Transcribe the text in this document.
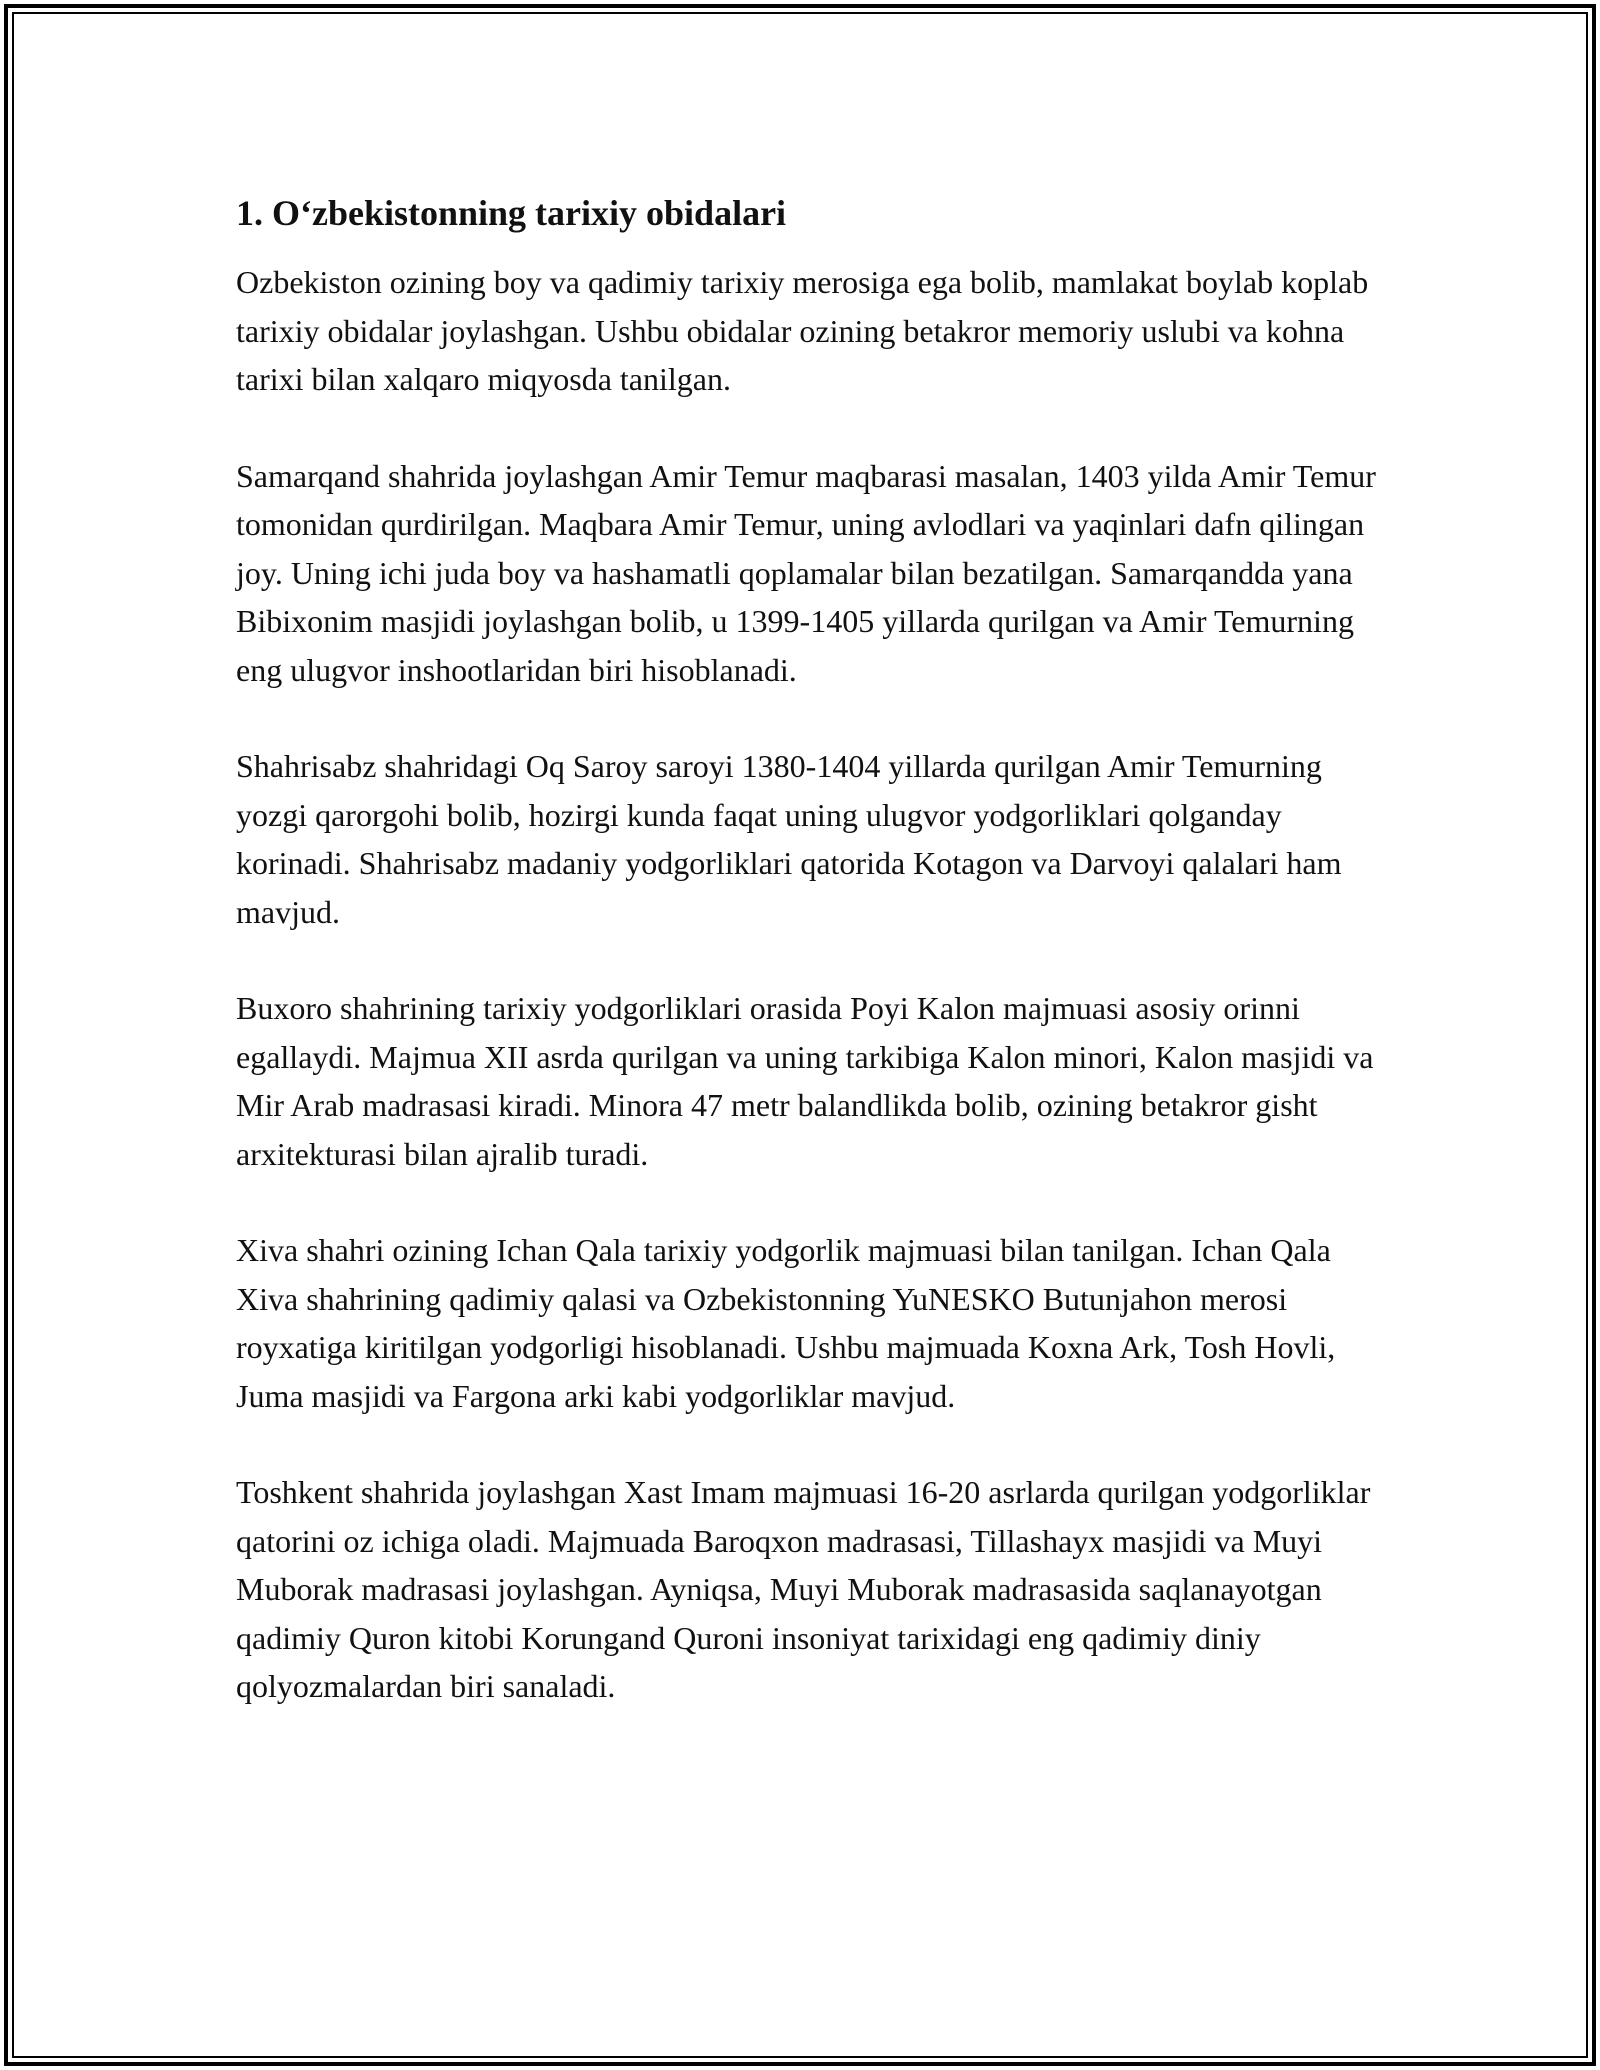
1. O‘zbekistonning tarixiy obidalari

Ozbekiston ozining boy va qadimiy tarixiy merosiga ega bolib, mamlakat boylab koplab tarixiy obidalar joylashgan. Ushbu obidalar ozining betakror memoriy uslubi va kohna tarixi bilan xalqaro miqyosda tanilgan.

Samarqand shahrida joylashgan Amir Temur maqbarasi masalan, 1403 yilda Amir Temur tomonidan qurdirilgan. Maqbara Amir Temur, uning avlodlari va yaqinlari dafn qilingan joy. Uning ichi juda boy va hashamatli qoplamalar bilan bezatilgan. Samarqandda yana Bibixonim masjidi joylashgan bolib, u 1399-1405 yillarda qurilgan va Amir Temurning eng ulugvor inshootlaridan biri hisoblanadi.

Shahrisabz shahridagi Oq Saroy saroyi 1380-1404 yillarda qurilgan Amir Temurning yozgi qarorgohi bolib, hozirgi kunda faqat uning ulugvor yodgorliklari qolganday korinadi. Shahrisabz madaniy yodgorliklari qatorida Kotagon va Darvoyi qalalari ham mavjud.

Buxoro shahrining tarixiy yodgorliklari orasida Poyi Kalon majmuasi asosiy orinni egallaydi. Majmua XII asrda qurilgan va uning tarkibiga Kalon minori, Kalon masjidi va Mir Arab madrasasi kiradi. Minora 47 metr balandlikda bolib, ozining betakror gisht arxitekturasi bilan ajralib turadi.

Xiva shahri ozining Ichan Qala tarixiy yodgorlik majmuasi bilan tanilgan. Ichan Qala Xiva shahrining qadimiy qalasi va Ozbekistonning YuNESKO Butunjahon merosi royxatiga kiritilgan yodgorligi hisoblanadi. Ushbu majmuada Koxna Ark, Tosh Hovli, Juma masjidi va Fargona arki kabi yodgorliklar mavjud.

Toshkent shahrida joylashgan Xast Imam majmuasi 16-20 asrlarda qurilgan yodgorliklar qatorini oz ichiga oladi. Majmuada Baroqxon madrasasi, Tillashayx masjidi va Muyi Muborak madrasasi joylashgan. Ayniqsa, Muyi Muborak madrasasida saqlanayotgan qadimiy Quron kitobi Korungand Quroni insoniyat tarixidagi eng qadimiy diniy qolyozmalardan biri sanaladi.
